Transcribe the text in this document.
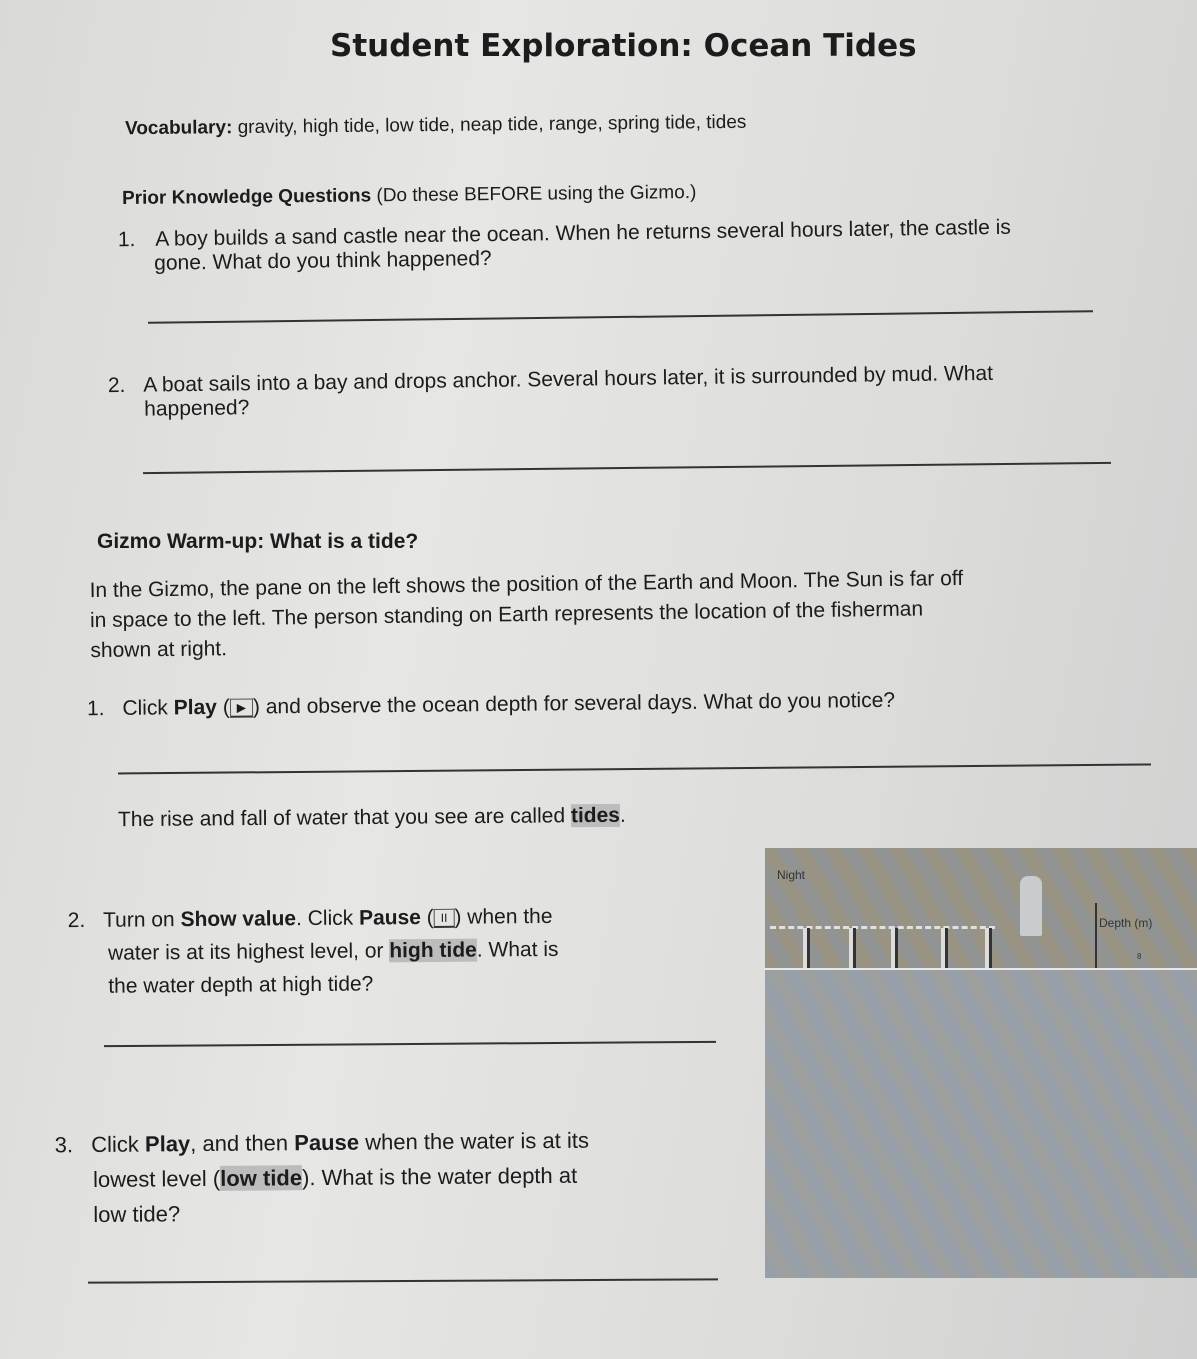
Student Exploration: Ocean Tides
Vocabulary: gravity, high tide, low tide, neap tide, range, spring tide, tides
Prior Knowledge Questions (Do these BEFORE using the Gizmo.)
1. A boy builds a sand castle near the ocean. When he returns several hours later, the castle is
gone. What do you think happened?
2. A boat sails into a bay and drops anchor. Several hours later, it is surrounded by mud. What
happened?
Gizmo Warm-up: What is a tide?
In the Gizmo, the pane on the left shows the position of the Earth and Moon. The Sun is far off
in space to the left. The person standing on Earth represents the location of the fisherman
shown at right.
1. Click Play ( ▶ ) and observe the ocean depth for several days. What do you notice?
The rise and fall of water that you see are called tides.
2. Turn on Show value. Click Pause ( II ) when the
water is at its highest level, or high tide. What is
the water depth at high tide?
3. Click Play, and then Pause when the water is at its
lowest level (low tide). What is the water depth at
low tide?
Night
Depth (m)
8
